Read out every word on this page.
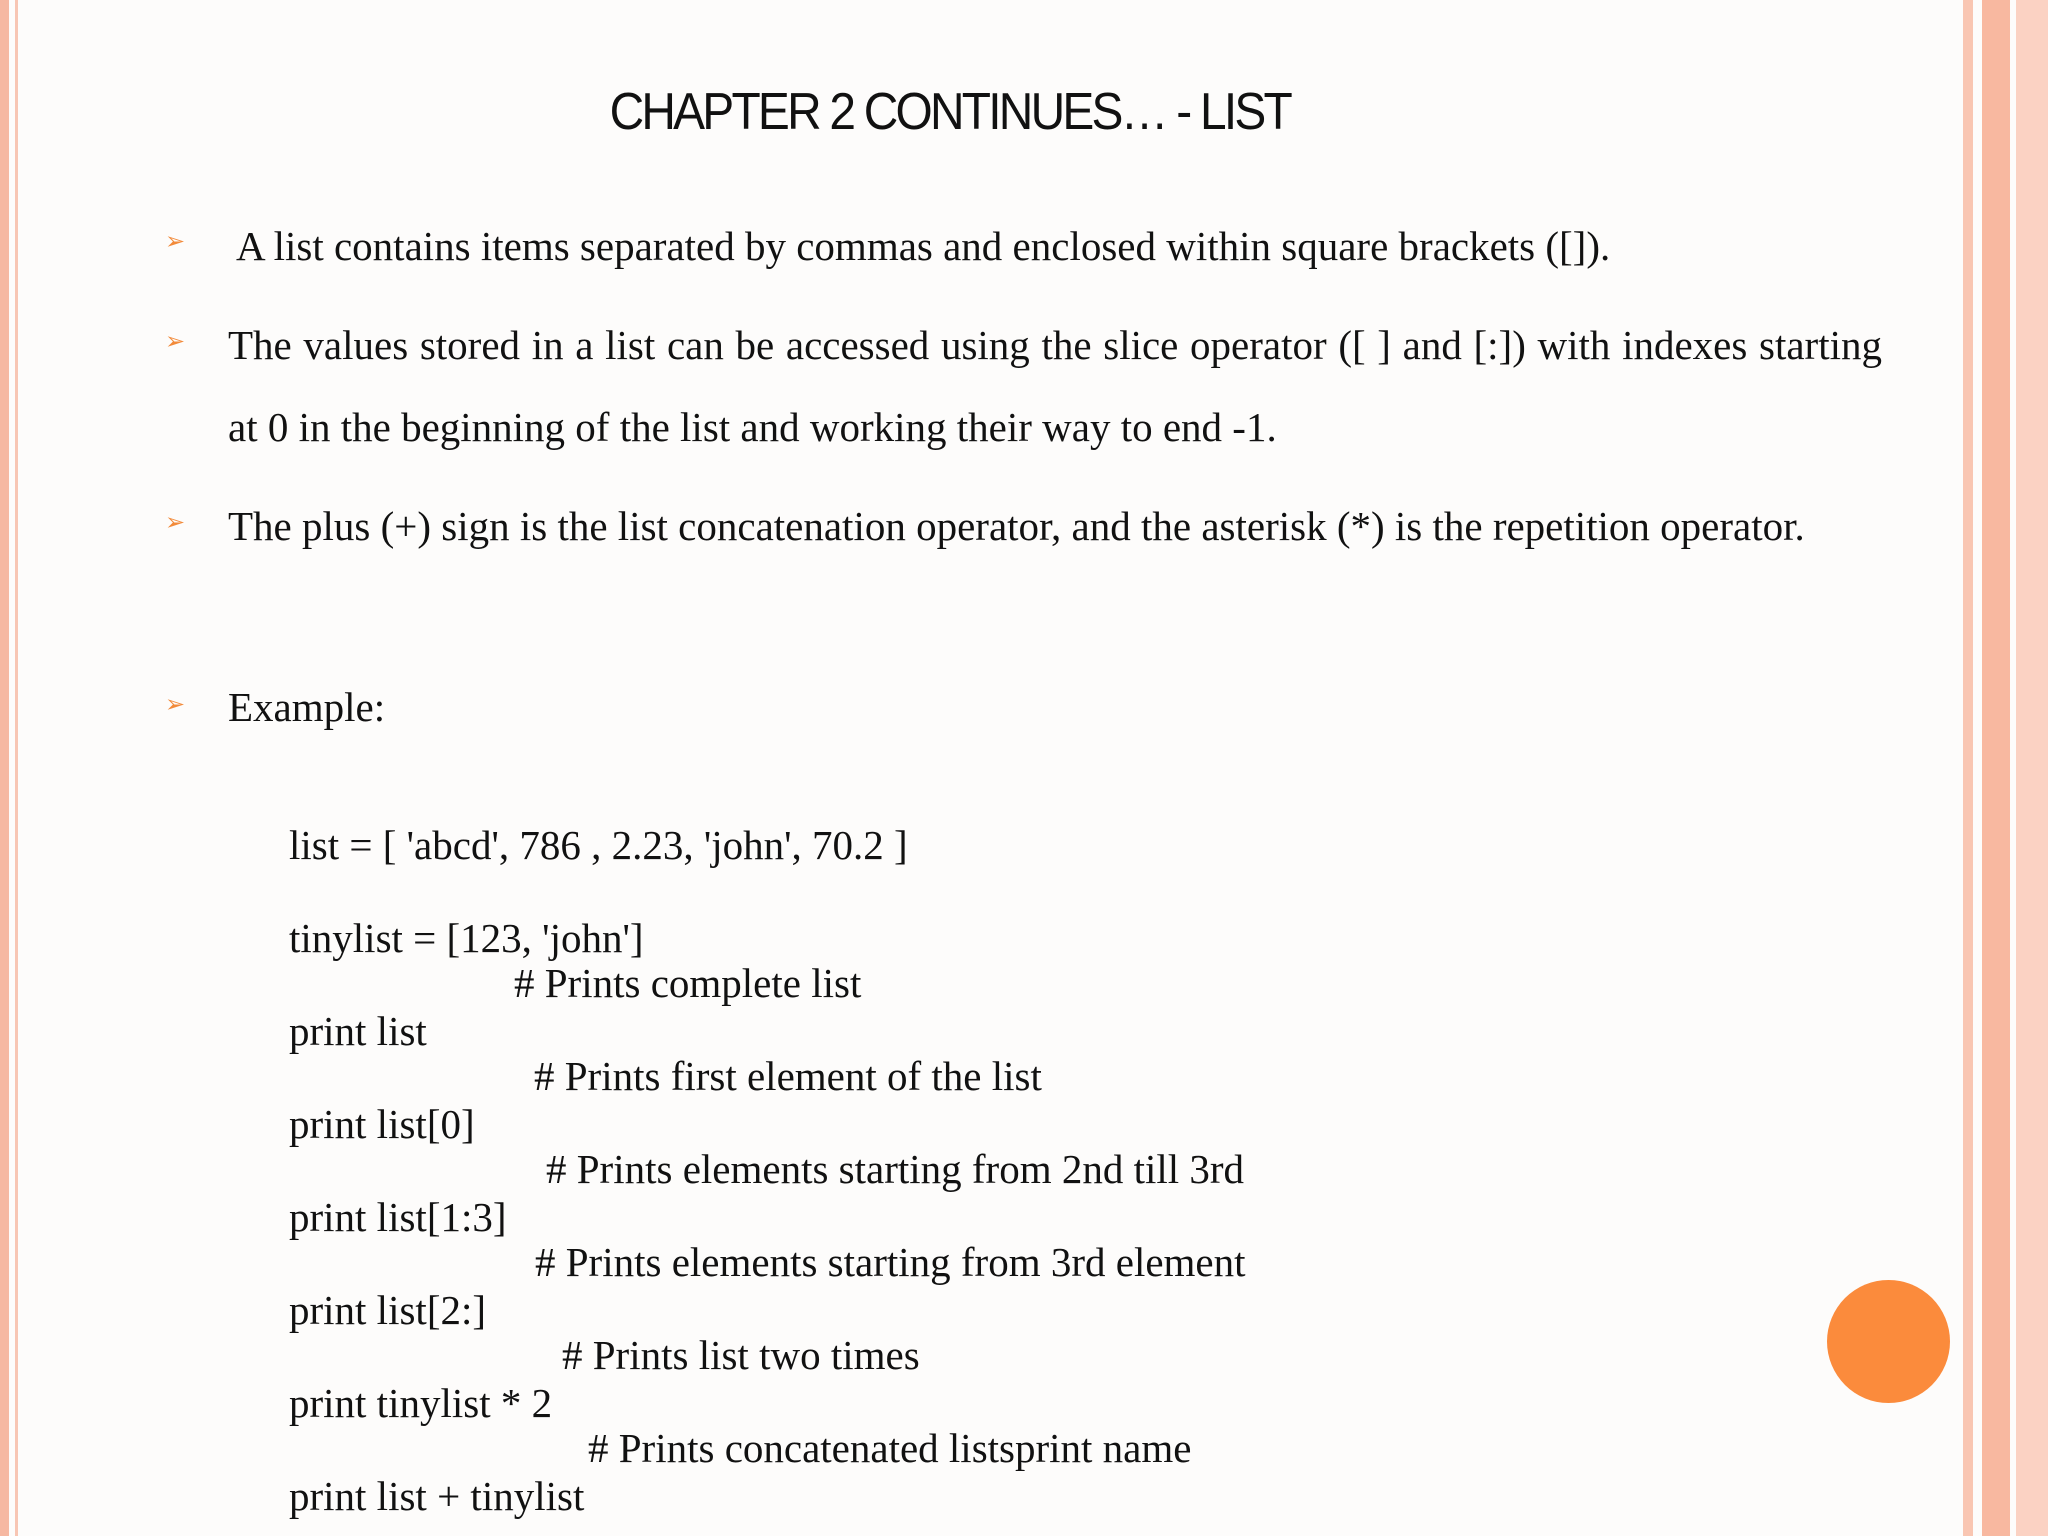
CHAPTER 2 CONTINUES… - LIST
➢ A list contains items separated by commas and enclosed within square brackets ([]).
➢ The values stored in a list can be accessed using the slice operator ([ ] and [:]) with indexes starting at 0 in the beginning of the list and working their way to end -1.
➢ The plus (+) sign is the list concatenation operator, and the asterisk (*) is the repetition operator.
➢ Example:

list = [ 'abcd', 786 , 2.23, 'john', 70.2 ]

tinylist = [123, 'john']

print list

# Prints complete list

print list[0]

# Prints first element of the list

print list[1:3]

# Prints elements starting from 2nd till 3rd

print list[2:]

# Prints elements starting from 3rd element

print tinylist * 2

# Prints list two times

print list + tinylist

# Prints concatenated listsprint name
